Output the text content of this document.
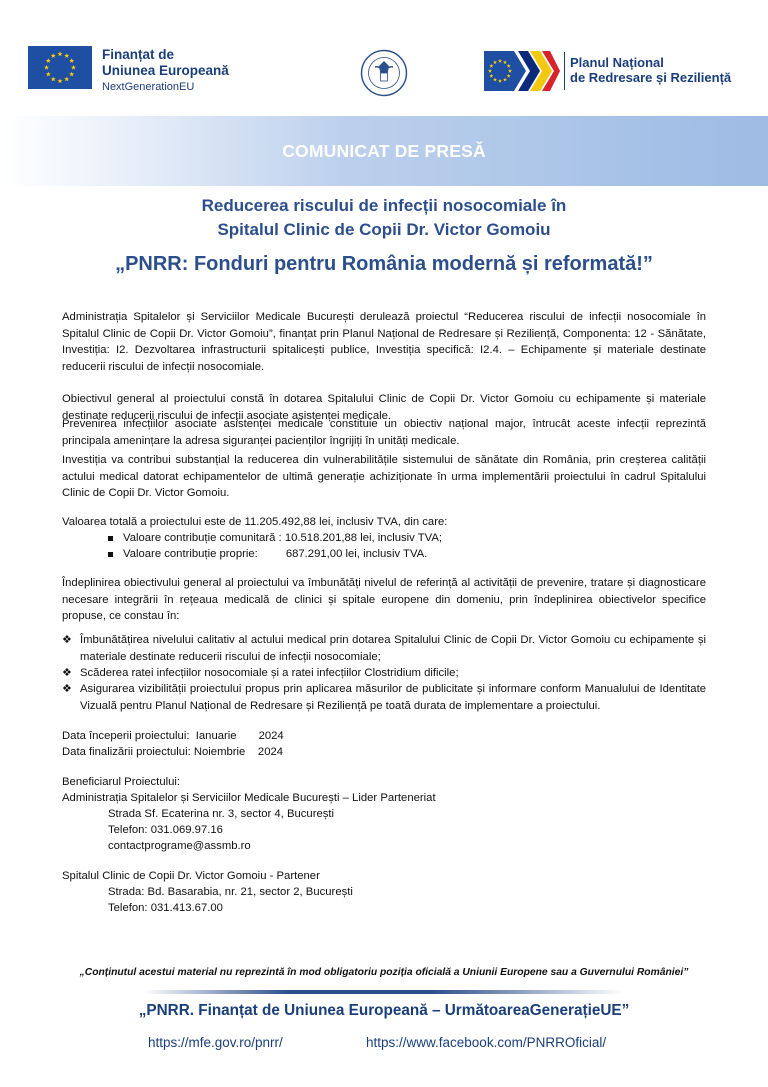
Finanțat de
Uniunea Europeană
NextGenerationEU
Planul Național
de Redresare și Reziliență
COMUNICAT DE PRESĂ
Reducerea riscului de infecții nosocomiale în
Spitalul Clinic de Copii Dr. Victor Gomoiu
„PNRR: Fonduri pentru România modernă și reformată!”

Administrația Spitalelor și Serviciilor Medicale București derulează proiectul “Reducerea riscului de infecții nosocomiale în Spitalul Clinic de Copii Dr. Victor Gomoiu”, finanțat prin Planul Național de Redresare și Reziliență, Componenta: 12 - Sănătate, Investiția: I2. Dezvoltarea infrastructurii spitalicești publice, Investiția specifică: I2.4. – Echipamente și materiale destinate reducerii riscului de infecții nosocomiale.

Obiectivul general al proiectului constă în dotarea Spitalului Clinic de Copii Dr. Victor Gomoiu cu echipamente și materiale destinate reducerii riscului de infecții asociate asistenței medicale.

Prevenirea infecțiilor asociate asistenței medicale constituie un obiectiv național major, întrucât aceste infecții reprezintă principala amenințare la adresa siguranței pacienților îngrijiți în unități medicale.

Investiția va contribui substanțial la reducerea din vulnerabilitățile sistemului de sănătate din România, prin creșterea calității actului medical datorat echipamentelor de ultimă generație achiziționate în urma implementării proiectului în cadrul Spitalului Clinic de Copii Dr. Victor Gomoiu.

Valoarea totală a proiectului este de 11.205.492,88 lei, inclusiv TVA, din care:
Valoare contribuție comunitară : 10.518.201,88 lei, inclusiv TVA;
Valoare contribuție proprie: 687.291,00 lei, inclusiv TVA.

Îndeplinirea obiectivului general al proiectului va îmbunătăți nivelul de referință al activității de prevenire, tratare și diagnosticare necesare integrării în rețeaua medicală de clinici și spitale europene din domeniu, prin îndeplinirea obiectivelor specifice propuse, ce constau în:

❖ Îmbunătățirea nivelului calitativ al actului medical prin dotarea Spitalului Clinic de Copii Dr. Victor Gomoiu cu echipamente și materiale destinate reducerii riscului de infecții nosocomiale;
❖ Scăderea ratei infecțiilor nosocomiale și a ratei infecțiilor Clostridium dificile;
❖ Asigurarea vizibilității proiectului propus prin aplicarea măsurilor de publicitate și informare conform Manualului de Identitate Vizuală pentru Planul Național de Redresare și Reziliență pe toată durata de implementare a proiectului.
Data începerii proiectului: Ianuarie 2024
Data finalizării proiectului: Noiembrie 2024
Beneficiarul Proiectului:
Administrația Spitalelor și Serviciilor Medicale București – Lider Parteneriat
Strada Sf. Ecaterina nr. 3, sector 4, București
Telefon: 031.069.97.16
contactprograme@assmb.ro
Spitalul Clinic de Copii Dr. Victor Gomoiu - Partener
Strada: Bd. Basarabia, nr. 21, sector 2, București
Telefon: 031.413.67.00
„Conținutul acestui material nu reprezintă în mod obligatoriu poziția oficială a Uniunii Europene sau a Guvernului României”
„PNRR. Finanțat de Uniunea Europeană – UrmătoareaGenerațieUE”
https://mfe.gov.ro/pnrr/	https://www.facebook.com/PNRROficial/
